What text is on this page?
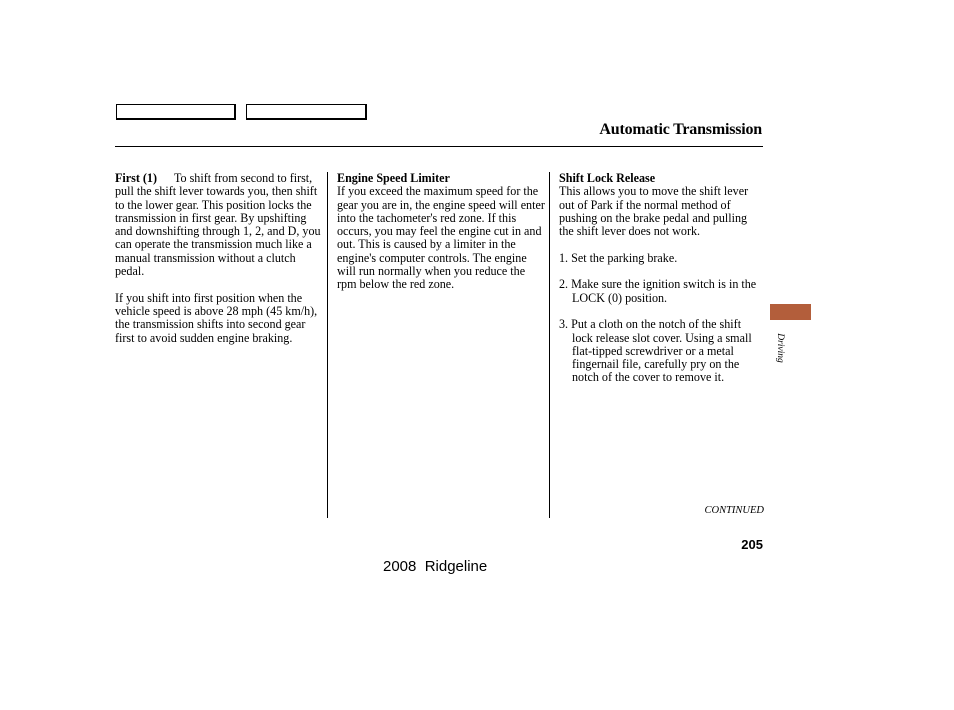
Automatic Transmission

First (1) To shift from second to first, pull the shift lever towards you, then shift to the lower gear. This position locks the transmission in first gear. By upshifting and downshifting through 1, 2, and D, you can operate the transmission much like a manual transmission without a clutch pedal.

If you shift into first position when the vehicle speed is above 28 mph (45 km/h), the transmission shifts into second gear first to avoid sudden engine braking.

Engine Speed Limiter

If you exceed the maximum speed for the gear you are in, the engine speed will enter into the tachometer's red zone. If this occurs, you may feel the engine cut in and out. This is caused by a limiter in the engine's computer controls. The engine will run normally when you reduce the rpm below the red zone.

Shift Lock Release

This allows you to move the shift lever out of Park if the normal method of pushing on the brake pedal and pulling the shift lever does not work.

1. Set the parking brake.
2. Make sure the ignition switch is in the LOCK (0) position.
3. Put a cloth on the notch of the shift lock release slot cover. Using a small flat-tipped screwdriver or a metal fingernail file, carefully pry on the notch of the cover to remove it.
Driving
CONTINUED
205
2008  Ridgeline
